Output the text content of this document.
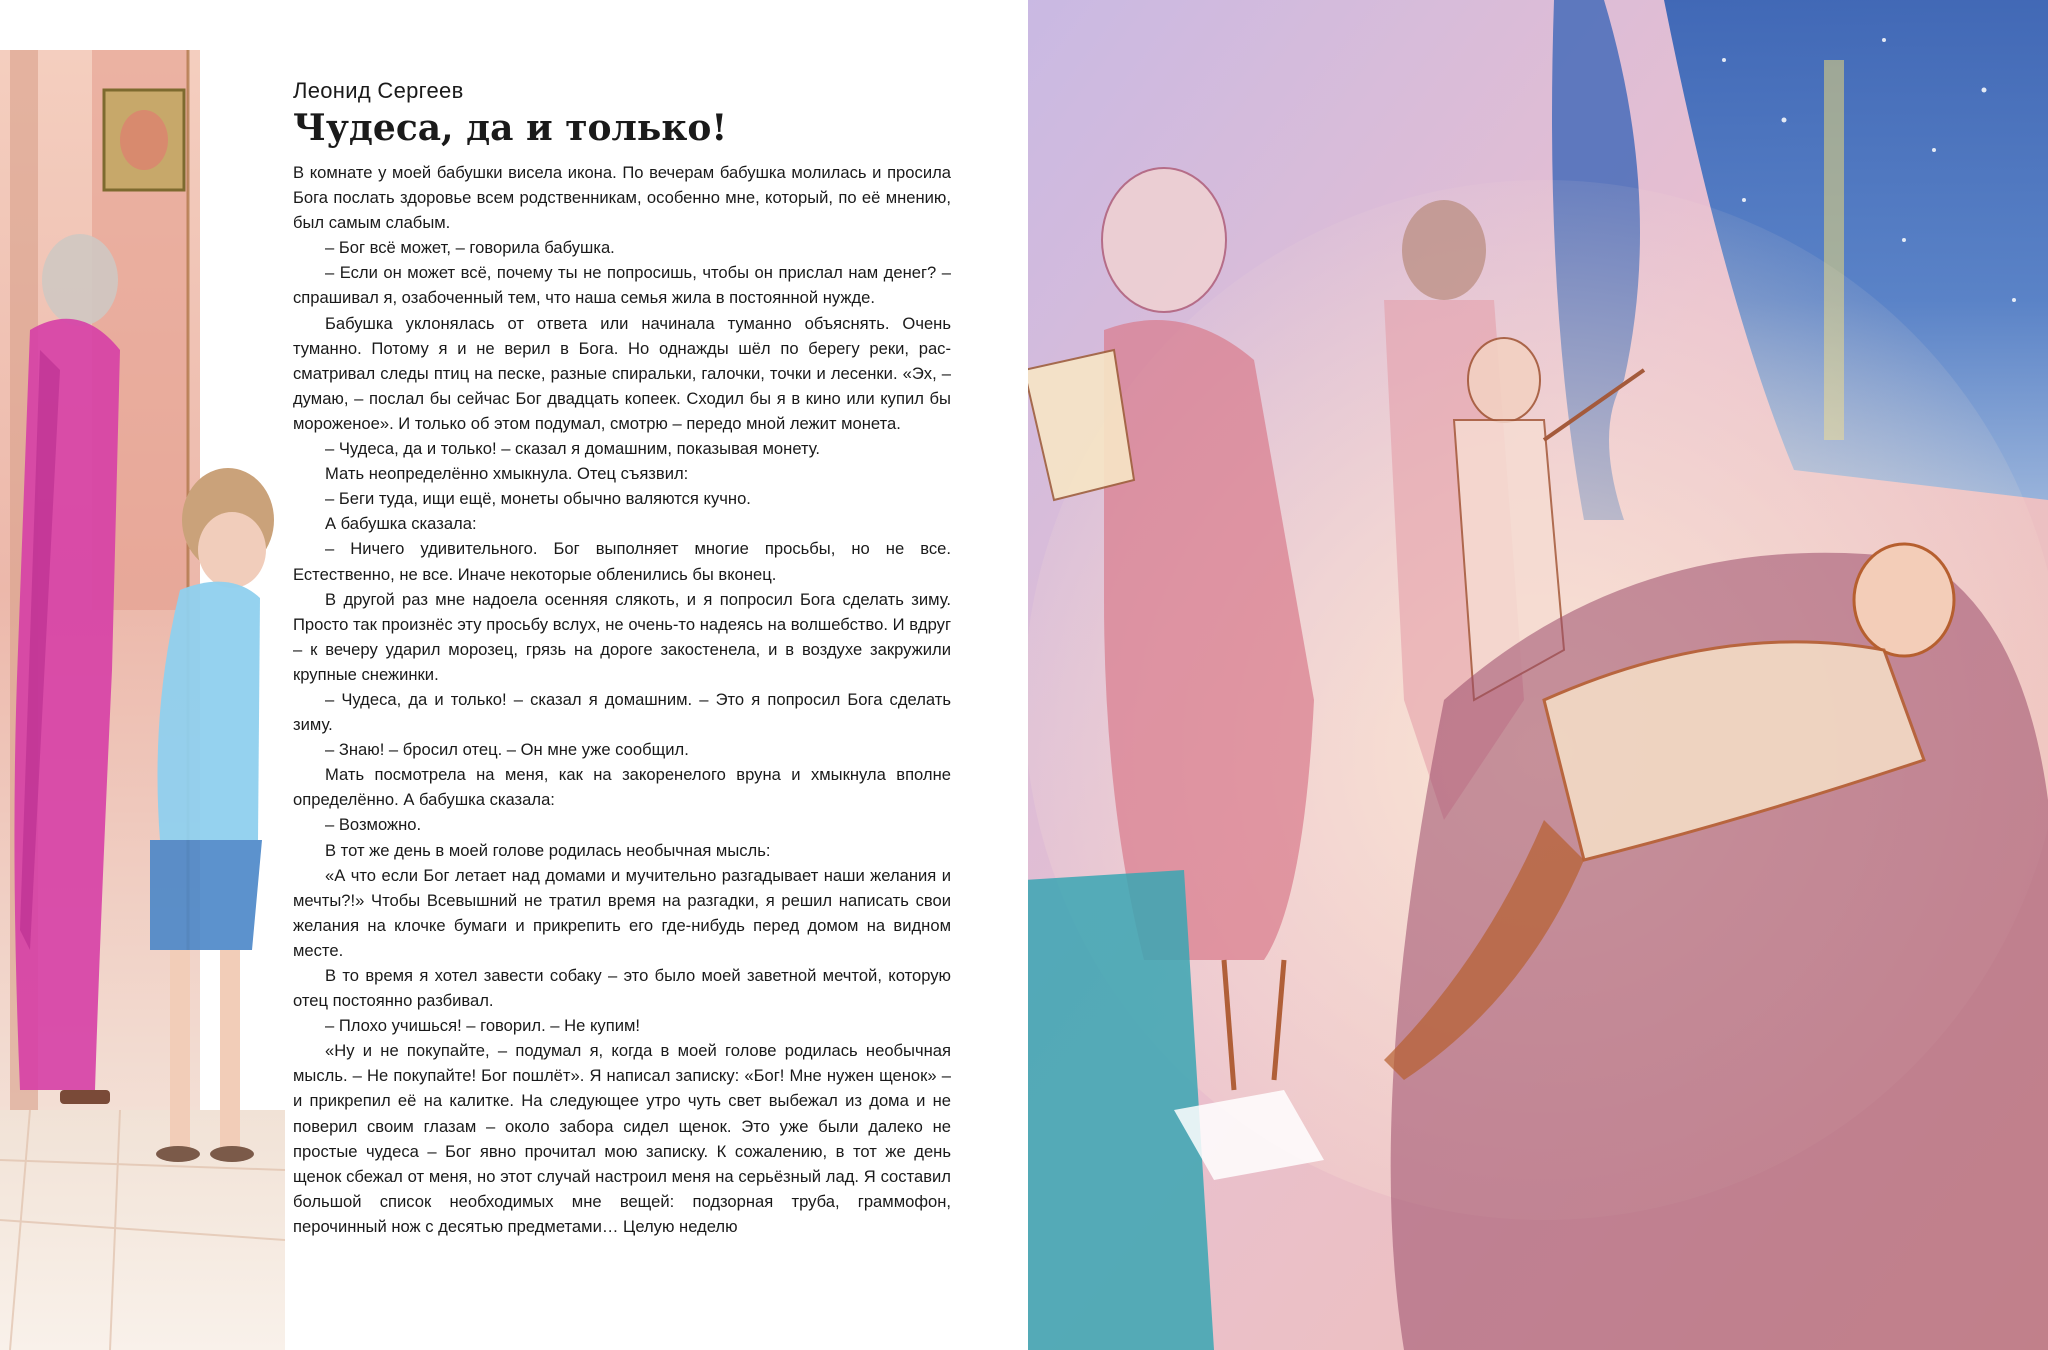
Леонид Сергеев
Чудеса, да и только!

В комнате у моей бабушки висела икона. По вечерам бабушка молилась и просила Бога послать здоровье всем родственникам, особенно мне, который, по её мнению, был самым слабым.

– Бог всё может, – говорила бабушка.

– Если он может всё, почему ты не попросишь, чтобы он прислал нам денег? – спрашивал я, озабоченный тем, что наша семья жила в постоянной нужде.

Бабушка уклонялась от ответа или начинала туманно объяснять. Очень туманно. Потому я и не верил в Бога. Но однажды шёл по берегу реки, рассматривал следы птиц на песке, разные спиральки, галочки, точки и лесенки. «Эх, – думаю, – послал бы сейчас Бог двадцать копеек. Сходил бы я в кино или купил бы мороженое». И только об этом подумал, смотрю – передо мной лежит монета.

– Чудеса, да и только! – сказал я домашним, показывая монету.

Мать неопределённо хмыкнула. Отец съязвил:

– Беги туда, ищи ещё, монеты обычно валяются кучно.

А бабушка сказала:

– Ничего удивительного. Бог выполняет многие просьбы, но не все. Естественно, не все. Иначе некоторые обленились бы вконец.

В другой раз мне надоела осенняя слякоть, и я попросил Бога сделать зиму. Просто так произнёс эту просьбу вслух, не очень-то надеясь на волшебство. И вдруг – к вечеру ударил морозец, грязь на дороге закостенела, и в воздухе закружили крупные снежинки.

– Чудеса, да и только! – сказал я домашним. – Это я попросил Бога сделать зиму.

– Знаю! – бросил отец. – Он мне уже сообщил.

Мать посмотрела на меня, как на закоренелого вруна и хмыкнула вполне определённо. А бабушка сказала:

– Возможно.

В тот же день в моей голове родилась необычная мысль:

«А что если Бог летает над домами и мучительно разгадывает наши желания и мечты?!» Чтобы Всевышний не тратил время на разгадки, я решил написать свои желания на клочке бумаги и прикрепить его где-нибудь перед домом на видном месте.

В то время я хотел завести собаку – это было моей заветной мечтой, которую отец постоянно разбивал.

– Плохо учишься! – говорил. – Не купим!

«Ну и не покупайте, – подумал я, когда в моей голове родилась необычная мысль. – Не покупайте! Бог пошлёт». Я написал записку: «Бог! Мне нужен щенок» – и прикрепил её на калитке. На следующее утро чуть свет выбежал из дома и не поверил своим глазам – около забора сидел щенок. Это уже были далеко не простые чудеса – Бог явно прочитал мою записку. К сожалению, в тот же день щенок сбежал от меня, но этот случай настроил меня на серьёзный лад. Я составил большой список необходимых мне вещей: подзорная труба, граммофон, перочинный нож с десятью предметами… Целую неделю
